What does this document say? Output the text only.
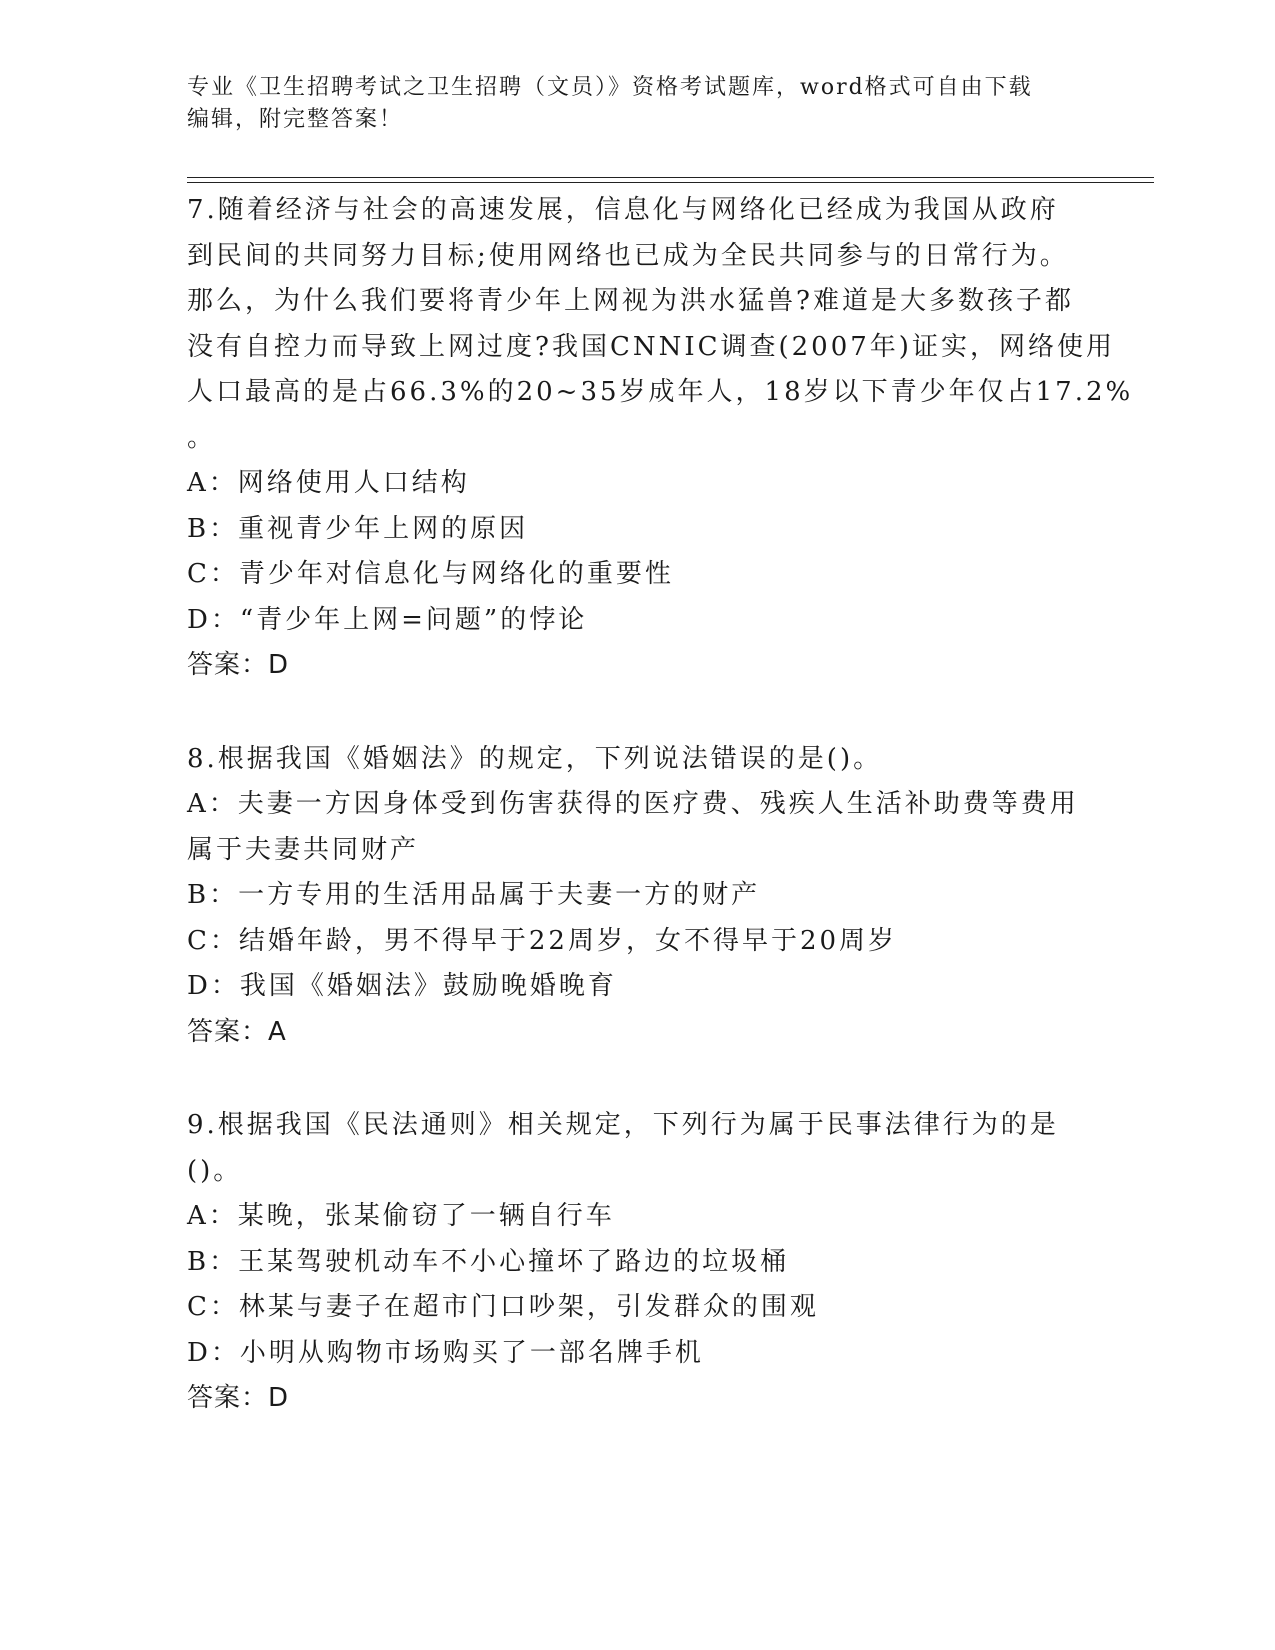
专业《卫生招聘考试之卫生招聘（文员）》资格考试题库，word格式可自由下载
编辑，附完整答案！
7.随着经济与社会的高速发展，信息化与网络化已经成为我国从政府
到民间的共同努力目标;使用网络也已成为全民共同参与的日常行为。
那么，为什么我们要将青少年上网视为洪水猛兽?难道是大多数孩子都
没有自控力而导致上网过度?我国CNNIC调查(2007年)证实，网络使用
人口最高的是占66.3%的20~35岁成年人，18岁以下青少年仅占17.2%
。
A：网络使用人口结构
B：重视青少年上网的原因
C：青少年对信息化与网络化的重要性
D：“青少年上网=问题”的悖论
答案：D
8.根据我国《婚姻法》的规定，下列说法错误的是()。
A：夫妻一方因身体受到伤害获得的医疗费、残疾人生活补助费等费用
属于夫妻共同财产
B：一方专用的生活用品属于夫妻一方的财产
C：结婚年龄，男不得早于22周岁，女不得早于20周岁
D：我国《婚姻法》鼓励晚婚晚育
答案：A
9.根据我国《民法通则》相关规定，下列行为属于民事法律行为的是
()。
A：某晚，张某偷窃了一辆自行车
B：王某驾驶机动车不小心撞坏了路边的垃圾桶
C：林某与妻子在超市门口吵架，引发群众的围观
D：小明从购物市场购买了一部名牌手机
答案：D
